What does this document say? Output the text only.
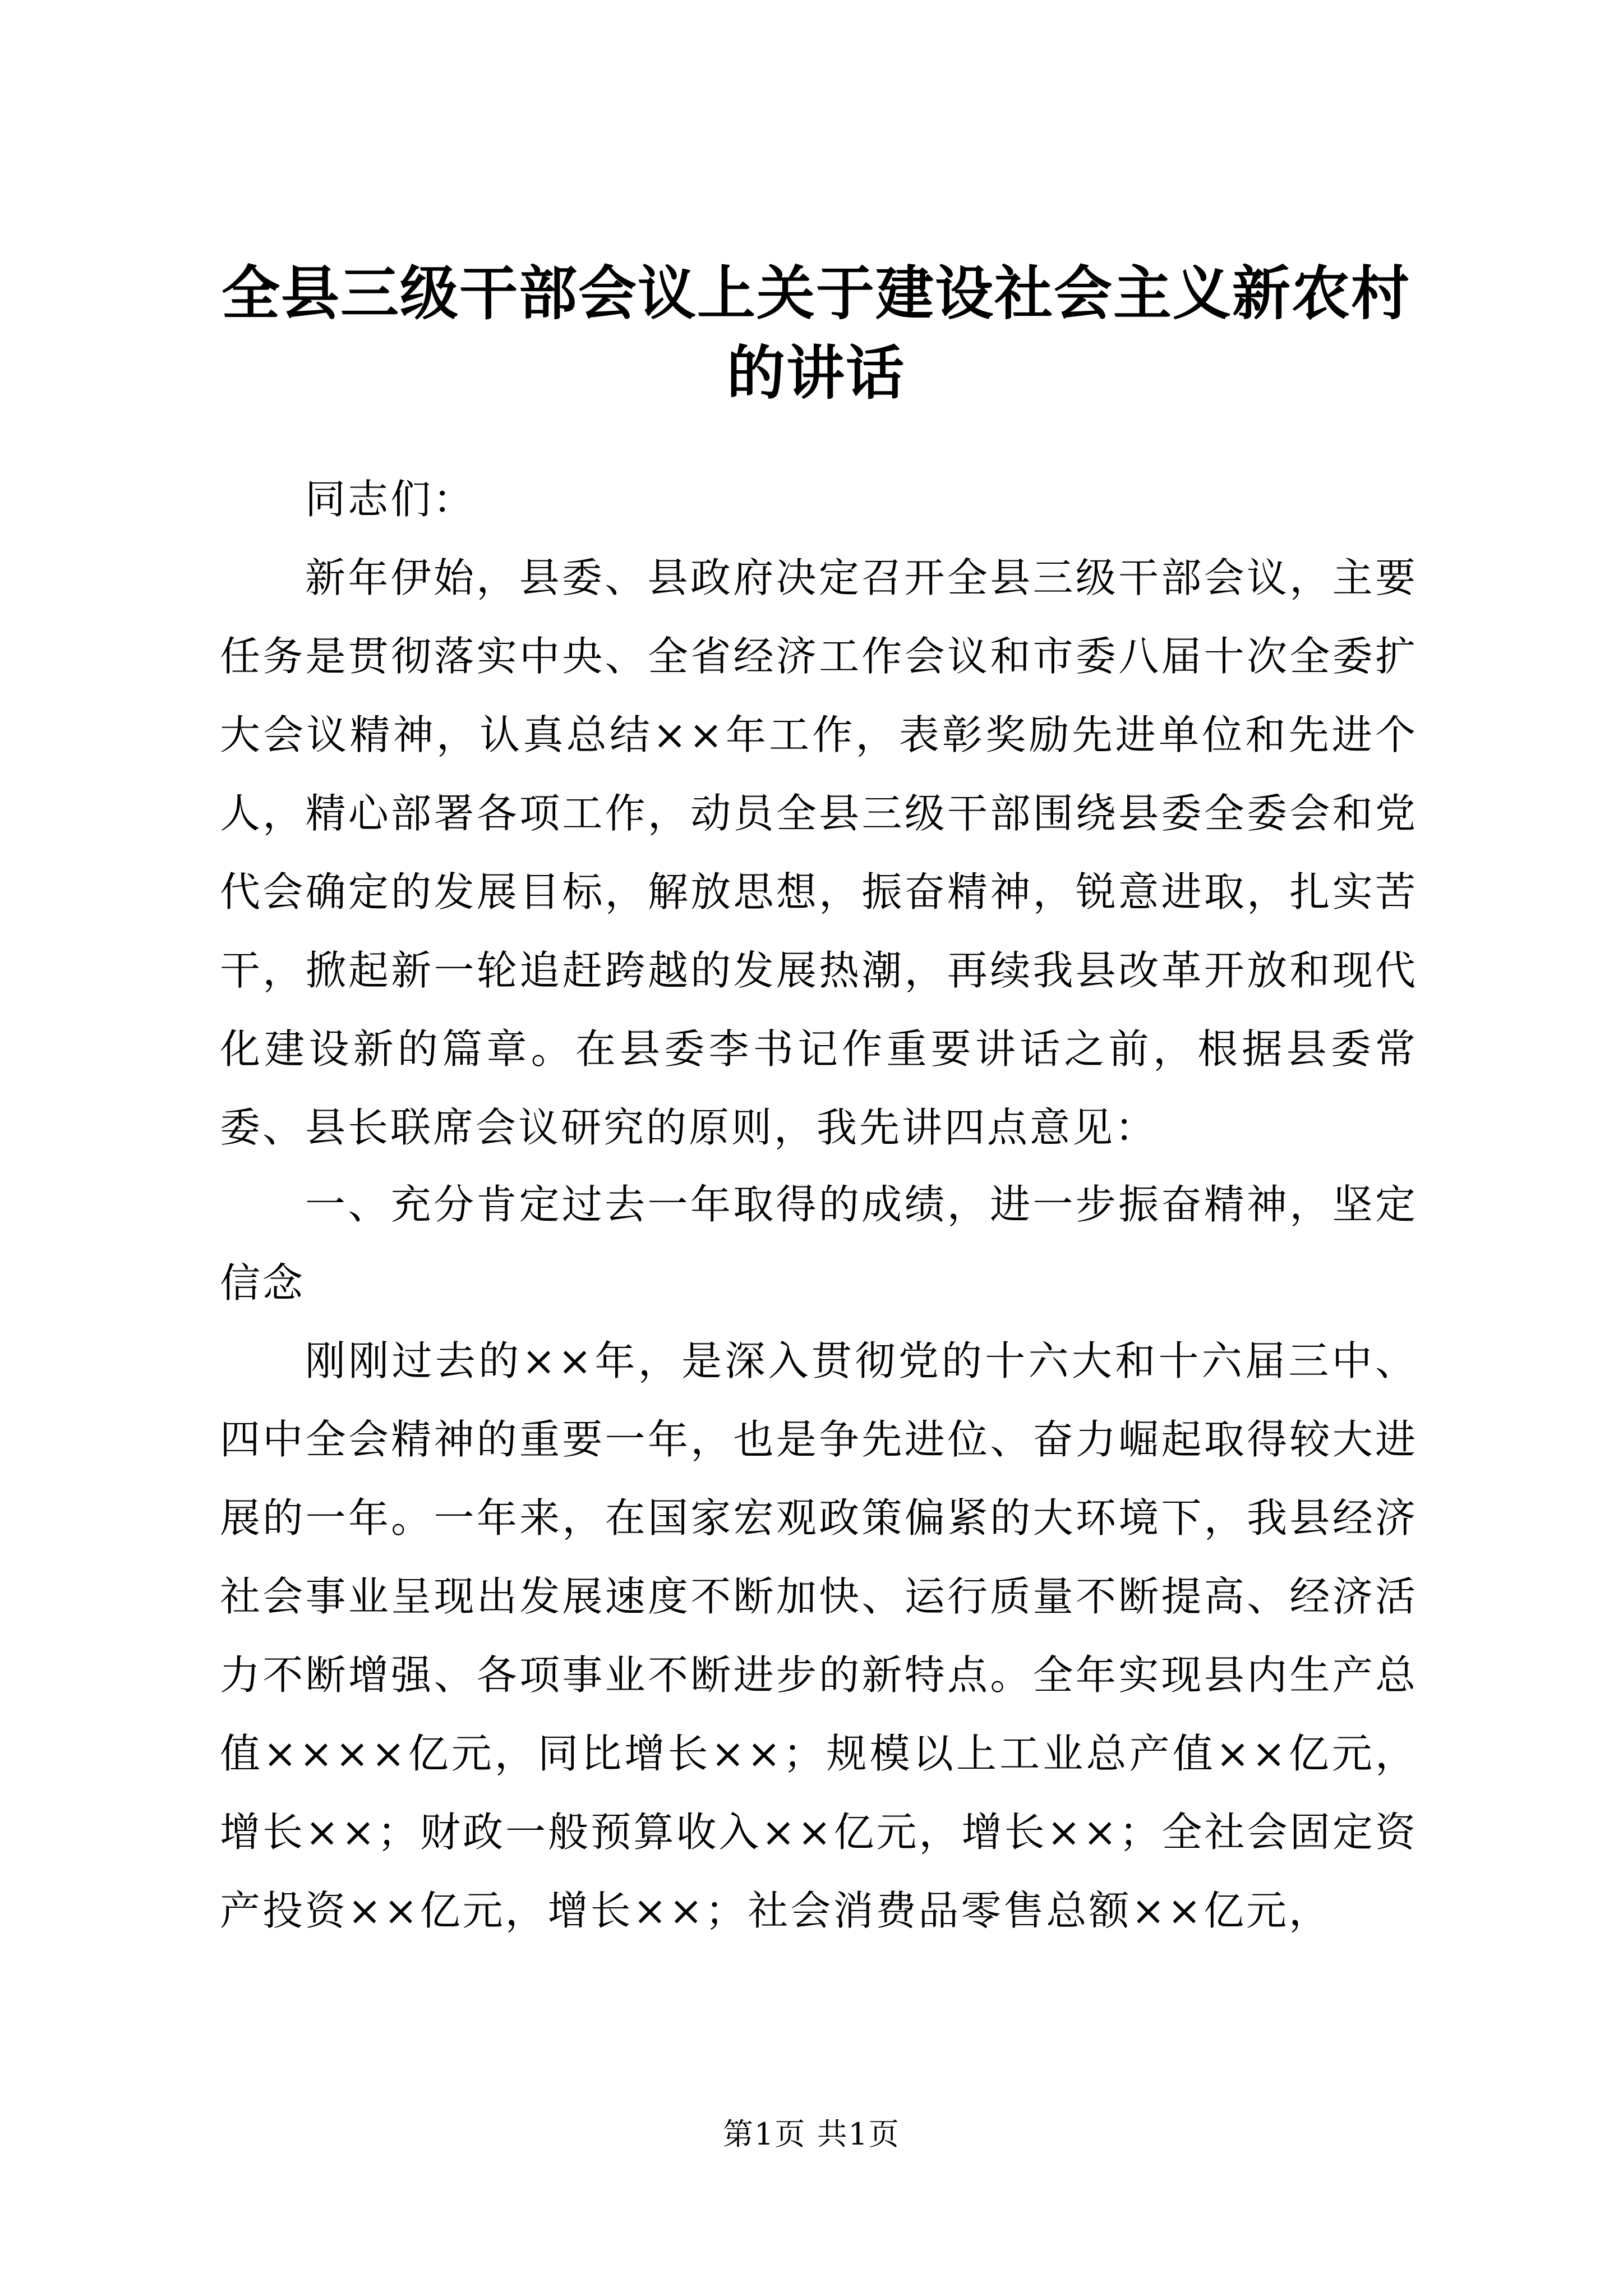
全县三级干部会议上关于建设社会主义新农村的讲话

同志们：

新年伊始，县委、县政府决定召开全县三级干部会议，主要任务是贯彻落实中央、全省经济工作会议和市委八届十次全委扩大会议精神，认真总结××年工作，表彰奖励先进单位和先进个人，精心部署各项工作，动员全县三级干部围绕县委全委会和党代会确定的发展目标，解放思想，振奋精神，锐意进取，扎实苦干，掀起新一轮追赶跨越的发展热潮，再续我县改革开放和现代化建设新的篇章。在县委李书记作重要讲话之前，根据县委常委、县长联席会议研究的原则，我先讲四点意见：

一、充分肯定过去一年取得的成绩，进一步振奋精神，坚定信念

刚刚过去的××年，是深入贯彻党的十六大和十六届三中、四中全会精神的重要一年，也是争先进位、奋力崛起取得较大进展的一年。一年来，在国家宏观政策偏紧的大环境下，我县经济社会事业呈现出发展速度不断加快、运行质量不断提高、经济活力不断增强、各项事业不断进步的新特点。全年实现县内生产总值××××亿元，同比增长××；规模以上工业总产值××亿元，增长××；财政一般预算收入××亿元，增长××；全社会固定资产投资××亿元，增长××；社会消费品零售总额××亿元，

第1页 共1页
